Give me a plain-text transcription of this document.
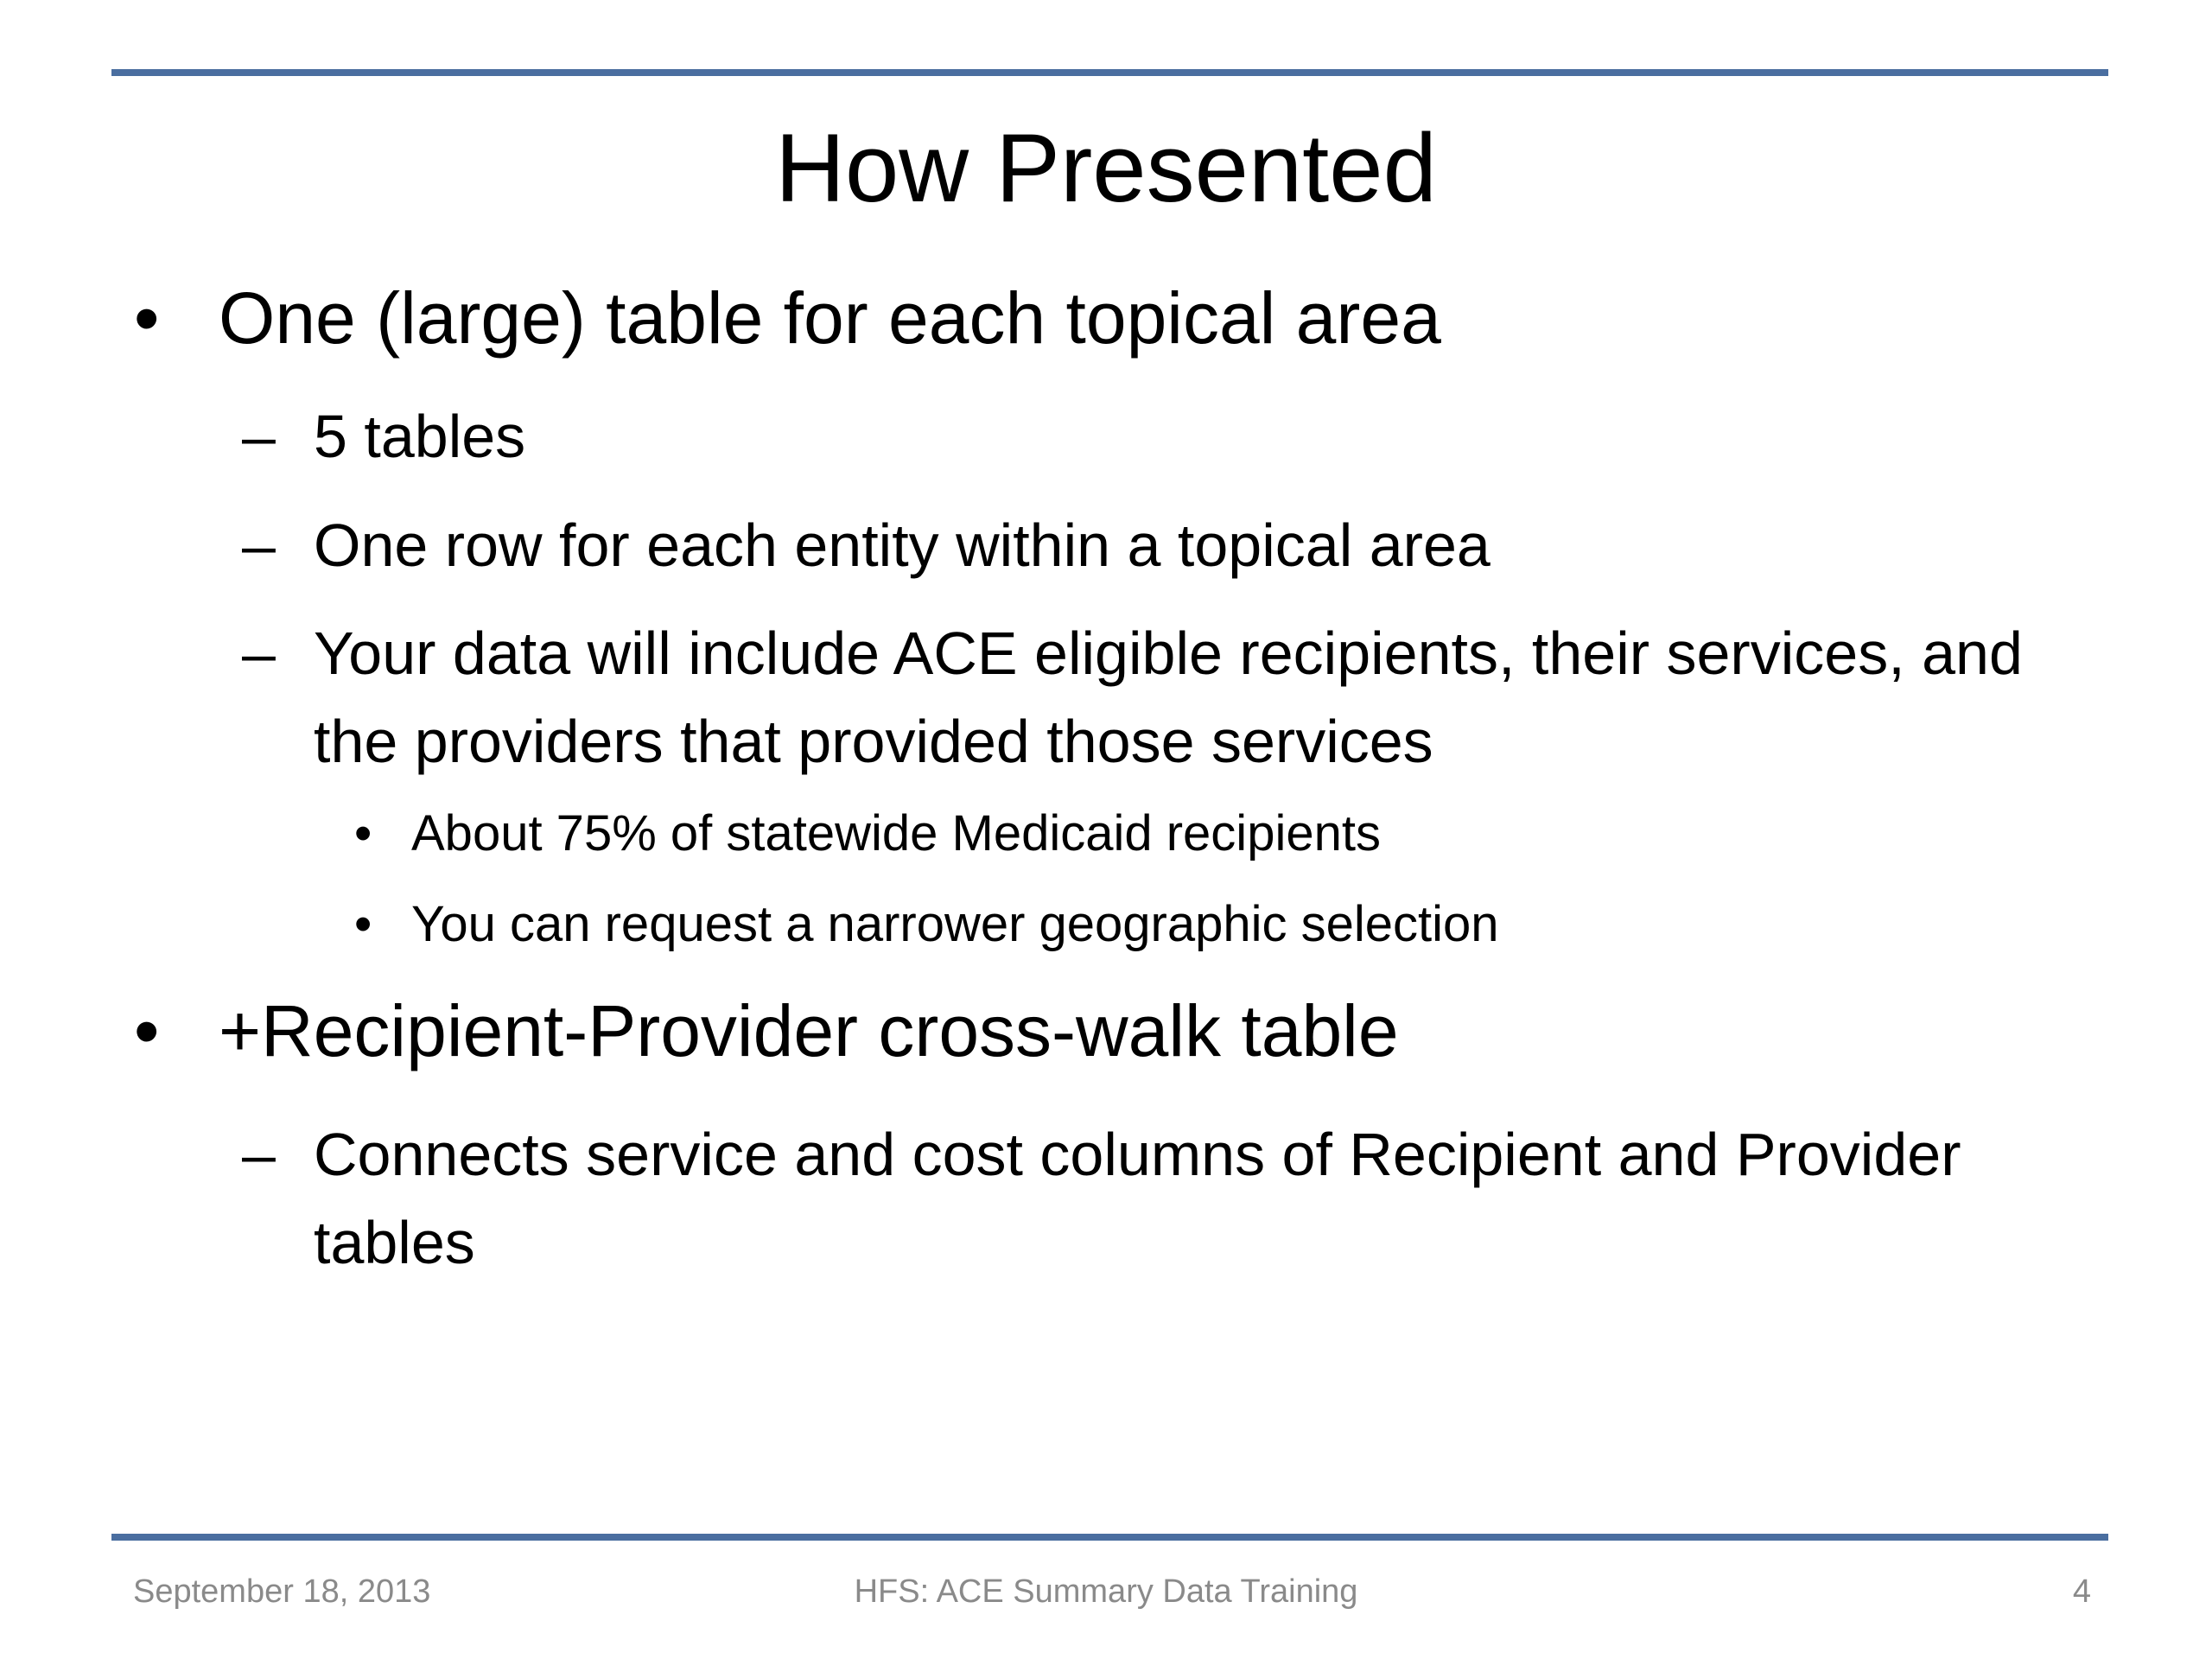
How Presented
• One (large) table for each topical area
– 5 tables
– One row for each entity within a topical area
– Your data will include ACE eligible recipients, their services, and the providers that provided those services
• About 75% of statewide Medicaid recipients
• You can request a narrower geographic selection
• +Recipient-Provider cross-walk table
– Connects service and cost columns of Recipient and Provider tables
September 18, 2013	HFS: ACE Summary Data Training	4
